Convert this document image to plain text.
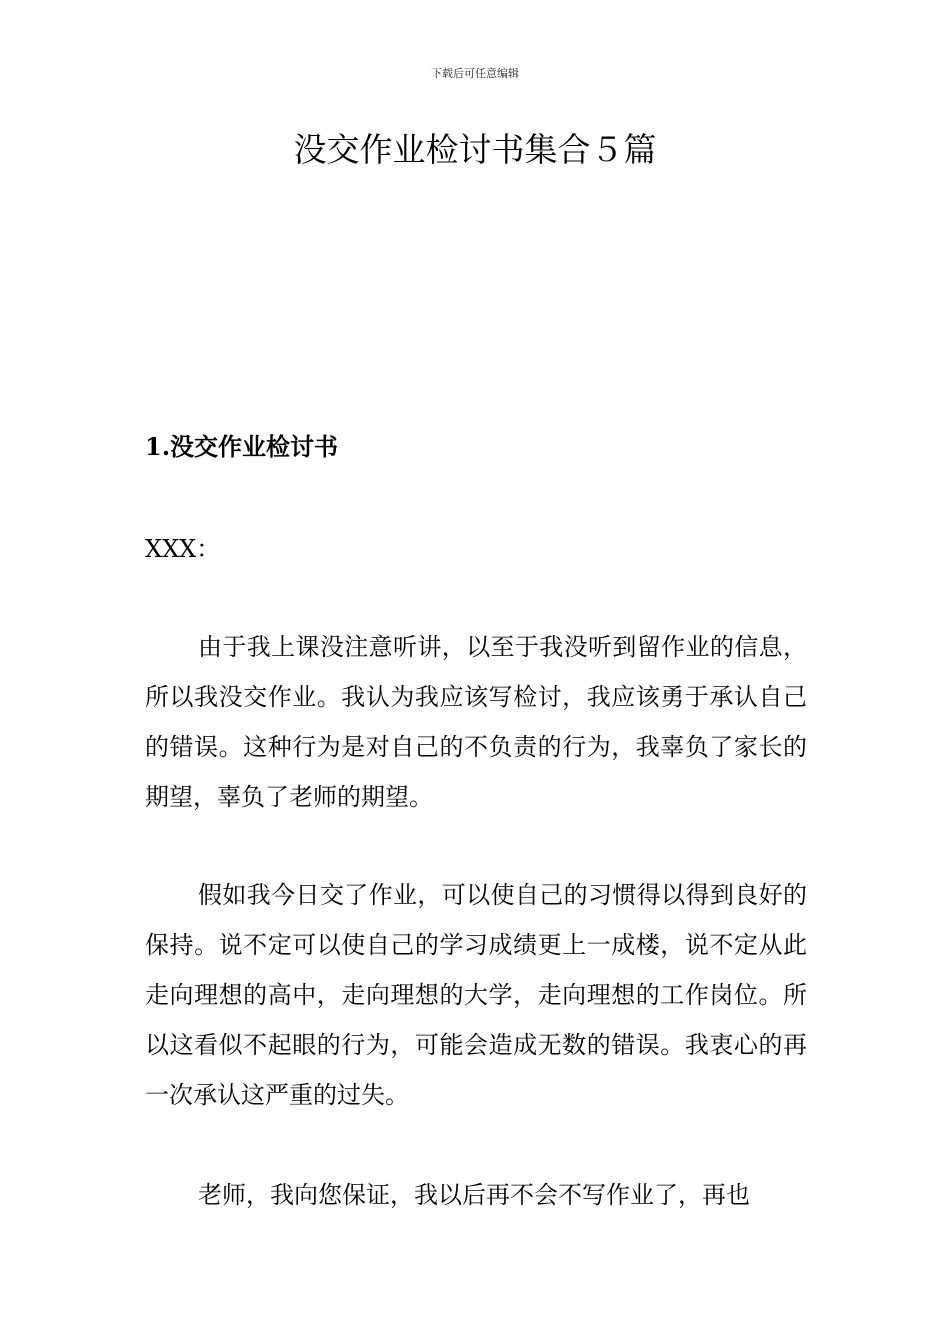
下载后可任意编辑
没交作业检讨书集合５篇
1.没交作业检讨书
XXX：

由于我上课没注意听讲，以至于我没听到留作业的信息，所以我没交作业。我认为我应该写检讨，我应该勇于承认自己的错误。这种行为是对自己的不负责的行为，我辜负了家长的期望，辜负了老师的期望。

假如我今日交了作业，可以使自己的习惯得以得到良好的保持。说不定可以使自己的学习成绩更上一成楼，说不定从此走向理想的高中，走向理想的大学，走向理想的工作岗位。所以这看似不起眼的行为，可能会造成无数的错误。我衷心的再一次承认这严重的过失。

老师，我向您保证，我以后再不会不写作业了，再也
